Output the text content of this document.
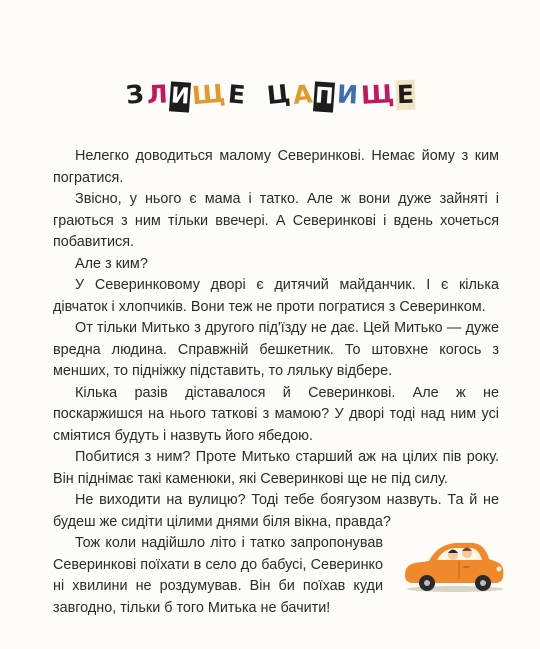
ЗЛИЩЕ ЦАПИЩЕ

Нелегко доводиться малому Северинкові. Немає йому з ким погратися.

Звісно, у нього є мама і татко. Але ж вони дуже зайняті і граються з ним тільки ввечері. А Северинкові і вдень хочеться побавитися.

Але з ким?

У Северинковому дворі є дитячий майданчик. І є кілька дівчаток і хлопчиків. Вони теж не проти погратися з Северинком.

От тільки Митько з другого під'їзду не дає. Цей Митько — дуже вредна людина. Справжній бешкетник. То штовхне когось з менших, то підніжку підставить, то ляльку відбере.

Кілька разів діставалося й Северинкові. Але ж не поскаржишся на нього таткові з мамою? У дворі тоді над ним усі сміятися будуть і назвуть його ябедою.

Побитися з ним? Проте Митько старший аж на цілих пів року. Він піднімає такі каменюки, які Северинкові ще не під силу.

Не виходити на вулицю? Тоді тебе боягузом назвуть. Та й не будеш же сидіти цілими днями біля вікна, правда?

Тож коли надійшло літо і татко запропонував Северинкові поїхати в село до бабусі, Северинко ні хвилини не роздумував. Він би поїхав куди завгодно, тільки б того Митька не бачити!
